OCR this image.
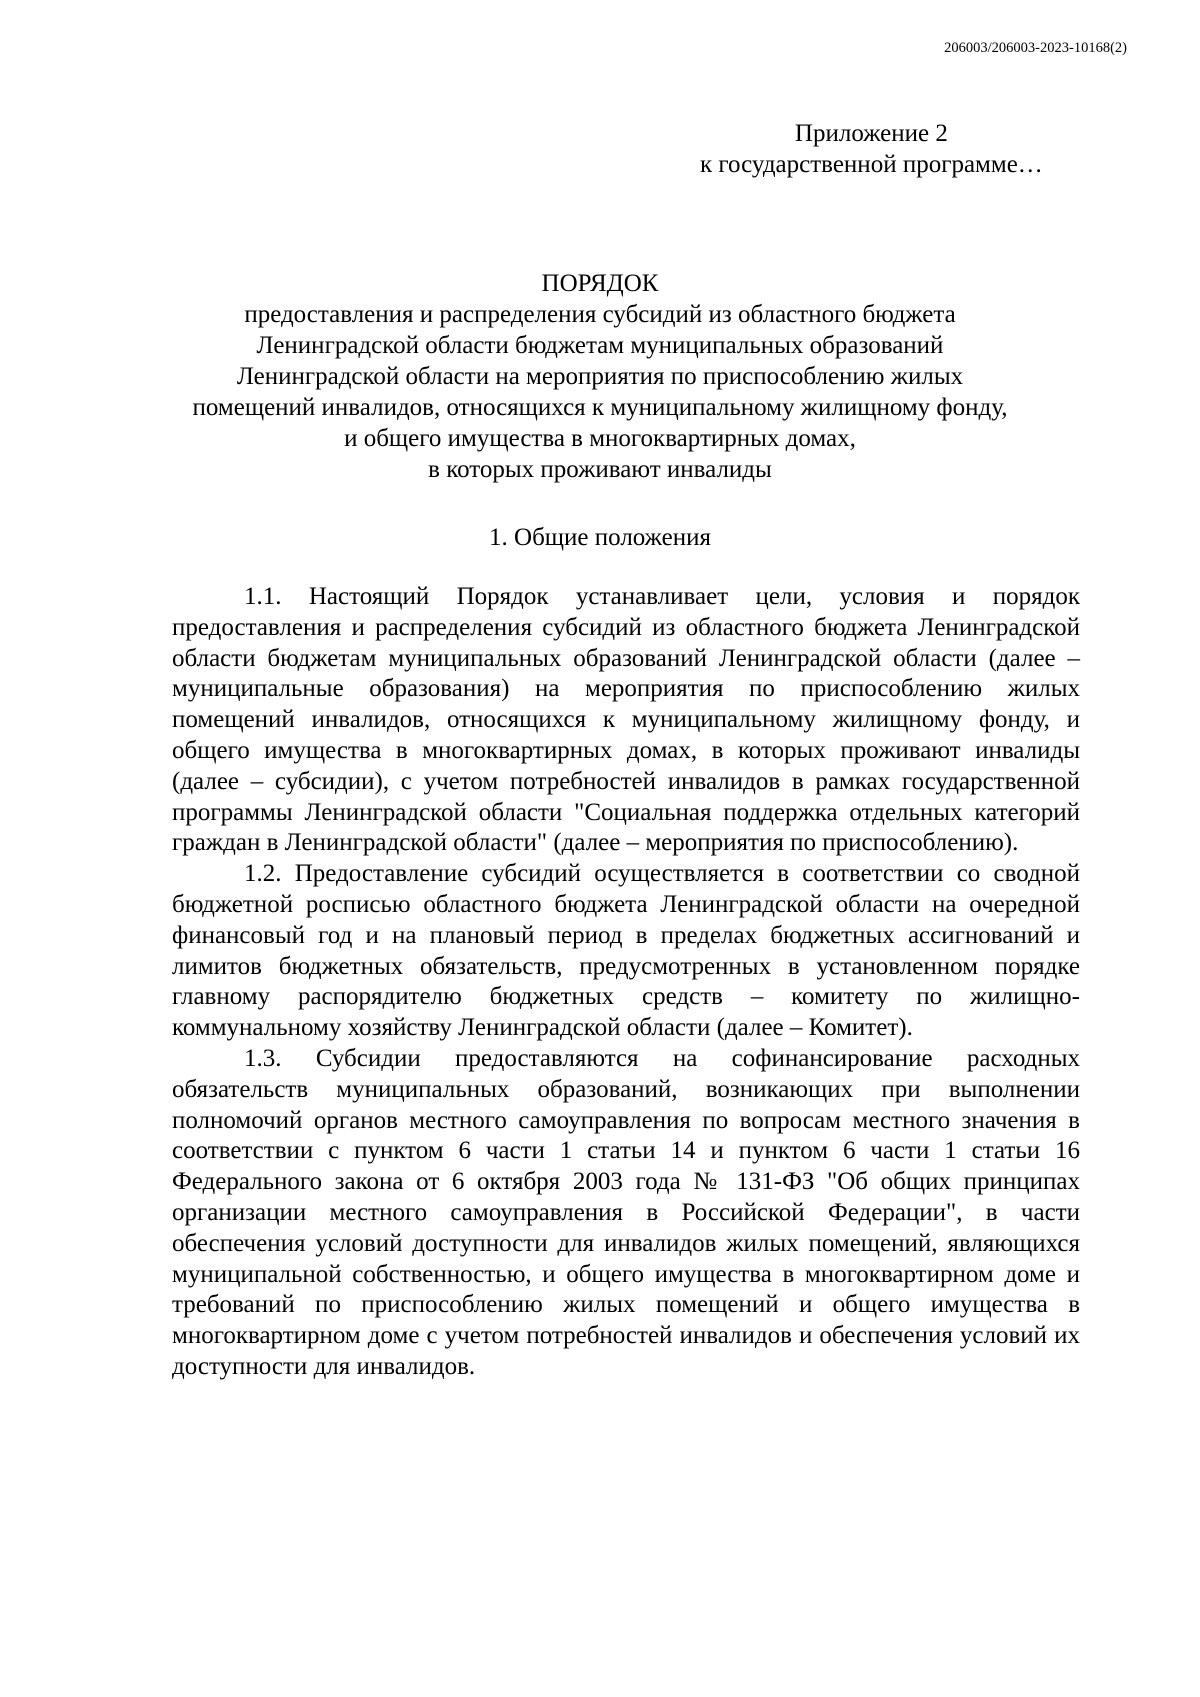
206003/206003-2023-10168(2)
Приложение 2
к государственной программе…
ПОРЯДОК
предоставления и распределения субсидий из областного бюджета
Ленинградской области бюджетам муниципальных образований
Ленинградской области на мероприятия по приспособлению жилых
помещений инвалидов, относящихся к муниципальному жилищному фонду,
и общего имущества в многоквартирных домах,
в которых проживают инвалиды
1. Общие положения

1.1. Настоящий Порядок устанавливает цели, условия и порядок предоставления и распределения субсидий из областного бюджета Ленинградской области бюджетам муниципальных образований Ленинградской области (далее – муниципальные образования) на мероприятия по приспособлению жилых помещений инвалидов, относящихся к муниципальному жилищному фонду, и общего имущества в многоквартирных домах, в которых проживают инвалиды (далее – субсидии), с учетом потребностей инвалидов в рамках государственной программы Ленинградской области "Социальная поддержка отдельных категорий граждан в Ленинградской области" (далее – мероприятия по приспособлению).

1.2. Предоставление субсидий осуществляется в соответствии со сводной бюджетной росписью областного бюджета Ленинградской области на очередной финансовый год и на плановый период в пределах бюджетных ассигнований и лимитов бюджетных обязательств, предусмотренных в установленном порядке главному распорядителю бюджетных средств – комитету по жилищно-коммунальному хозяйству Ленинградской области (далее – Комитет).

1.3. Субсидии предоставляются на софинансирование расходных обязательств муниципальных образований, возникающих при выполнении полномочий органов местного самоуправления по вопросам местного значения в соответствии с пунктом 6 части 1 статьи 14 и пунктом 6 части 1 статьи 16 Федерального закона от 6 октября 2003 года № 131-ФЗ "Об общих принципах организации местного самоуправления в Российской Федерации", в части обеспечения условий доступности для инвалидов жилых помещений, являющихся муниципальной собственностью, и общего имущества в многоквартирном доме и требований по приспособлению жилых помещений и общего имущества в многоквартирном доме с учетом потребностей инвалидов и обеспечения условий их доступности для инвалидов.
